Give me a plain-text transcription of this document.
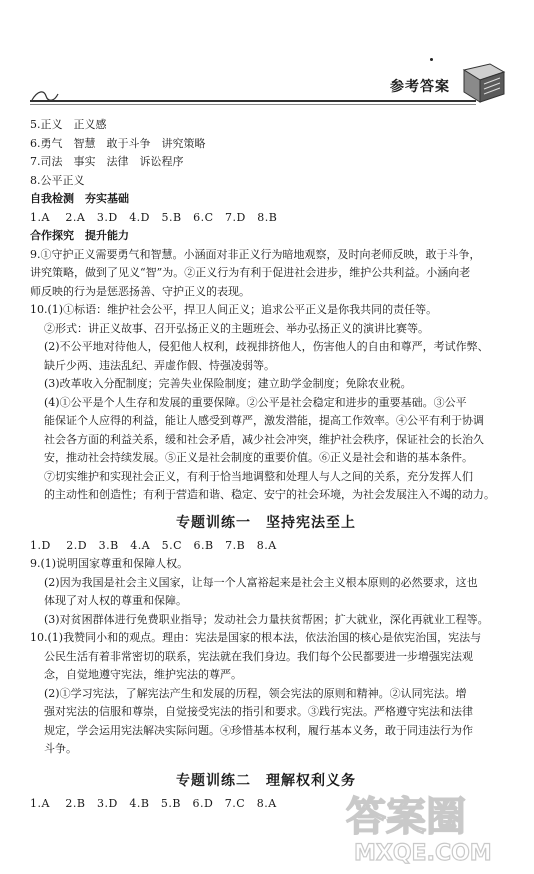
参考答案
5.正义　正义感
6.勇气　智慧　敢于斗争　讲究策略
7.司法　事实　法律　诉讼程序
8.公平正义
自我检测　夯实基础
1.A　 2.A　3.D　4.D　5.B　6.C　7.D　8.B
合作探究　提升能力
9.①守护正义需要勇气和智慧。小涵面对非正义行为暗地观察，及时向老师反映，敢于斗争，
讲究策略，做到了见义“智”为。②正义行为有利于促进社会进步，维护公共利益。小涵向老
师反映的行为是惩恶扬善、守护正义的表现。
10.(1)①标语：维护社会公平，捍卫人间正义；追求公平正义是你我共同的责任等。
②形式：讲正义故事、召开弘扬正义的主题班会、举办弘扬正义的演讲比赛等。
(2)不公平地对待他人，侵犯他人权利，歧视排挤他人，伤害他人的自由和尊严，考试作弊、
缺斤少两、违法乱纪、弄虚作假、恃强凌弱等。
(3)改革收入分配制度；完善失业保险制度；建立助学金制度；免除农业税。
(4)①公平是个人生存和发展的重要保障。②公平是社会稳定和进步的重要基础。③公平
能保证个人应得的利益，能让人感受到尊严，激发潜能，提高工作效率。④公平有利于协调
社会各方面的利益关系，缓和社会矛盾，减少社会冲突，维护社会秩序，保证社会的长治久
安，推动社会持续发展。⑤正义是社会制度的重要价值。⑥正义是社会和谐的基本条件。
⑦切实维护和实现社会正义，有利于恰当地调整和处理人与人之间的关系，充分发挥人们
的主动性和创造性；有利于营造和谐、稳定、安宁的社会环境，为社会发展注入不竭的动力。
专题训练一　坚持宪法至上
1.D　 2.D　3.B　4.A　5.C　6.B　7.B　8.A
9.(1)说明国家尊重和保障人权。
(2)因为我国是社会主义国家，让每一个人富裕起来是社会主义根本原则的必然要求，这也
体现了对人权的尊重和保障。
(3)对贫困群体进行免费职业指导；发动社会力量扶贫帮困；扩大就业，深化再就业工程等。
10.(1)我赞同小和的观点。理由：宪法是国家的根本法，依法治国的核心是依宪治国，宪法与
公民生活有着非常密切的联系，宪法就在我们身边。我们每个公民都要进一步增强宪法观
念，自觉地遵守宪法，维护宪法的尊严。
(2)①学习宪法，了解宪法产生和发展的历程，领会宪法的原则和精神。②认同宪法。增
强对宪法的信服和尊崇，自觉接受宪法的指引和要求。③践行宪法。严格遵守宪法和法律
规定，学会运用宪法解决实际问题。④珍惜基本权利，履行基本义务，敢于同违法行为作
斗争。
专题训练二　理解权利义务
1.A　 2.B　3.D　4.B　5.B　6.D　7.C　8.A	答案圈
MXQE.COM
